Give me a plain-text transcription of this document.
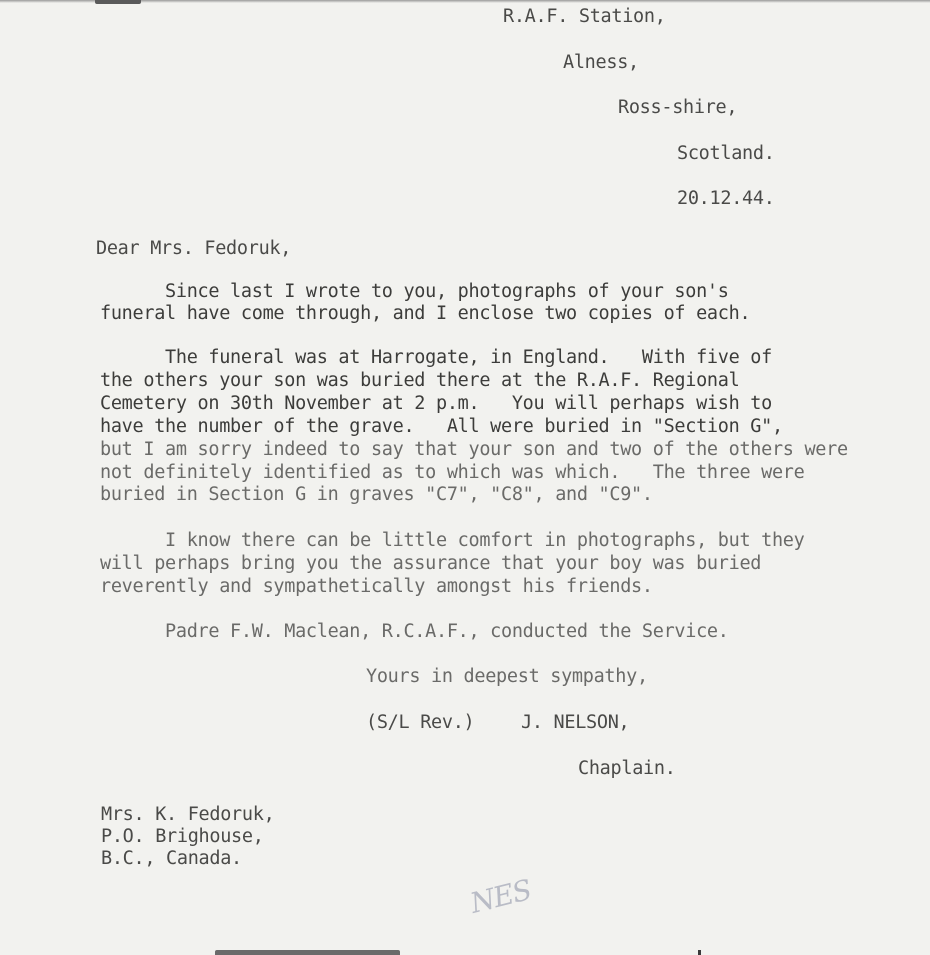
R.A.F. Station,
Alness,
Ross-shire,
Scotland.
20.12.44.
Dear Mrs. Fedoruk,
Since last I wrote to you, photographs of your son's
funeral have come through, and I enclose two copies of each.
The funeral was at Harrogate, in England.   With five of
the others your son was buried there at the R.A.F. Regional
Cemetery on 30th November at 2 p.m.   You will perhaps wish to
have the number of the grave.   All were buried in "Section G",
but I am sorry indeed to say that your son and two of the others were
not definitely identified as to which was which.   The three were
buried in Section G in graves "C7", "C8", and "C9".
I know there can be little comfort in photographs, but they
will perhaps bring you the assurance that your boy was buried
reverently and sympathetically amongst his friends.
Padre F.W. Maclean, R.C.A.F., conducted the Service.
Yours in deepest sympathy,
(S/L Rev.)	J. NELSON,
Chaplain.
Mrs. K. Fedoruk,
P.O. Brighouse,
B.C., Canada.
NES
